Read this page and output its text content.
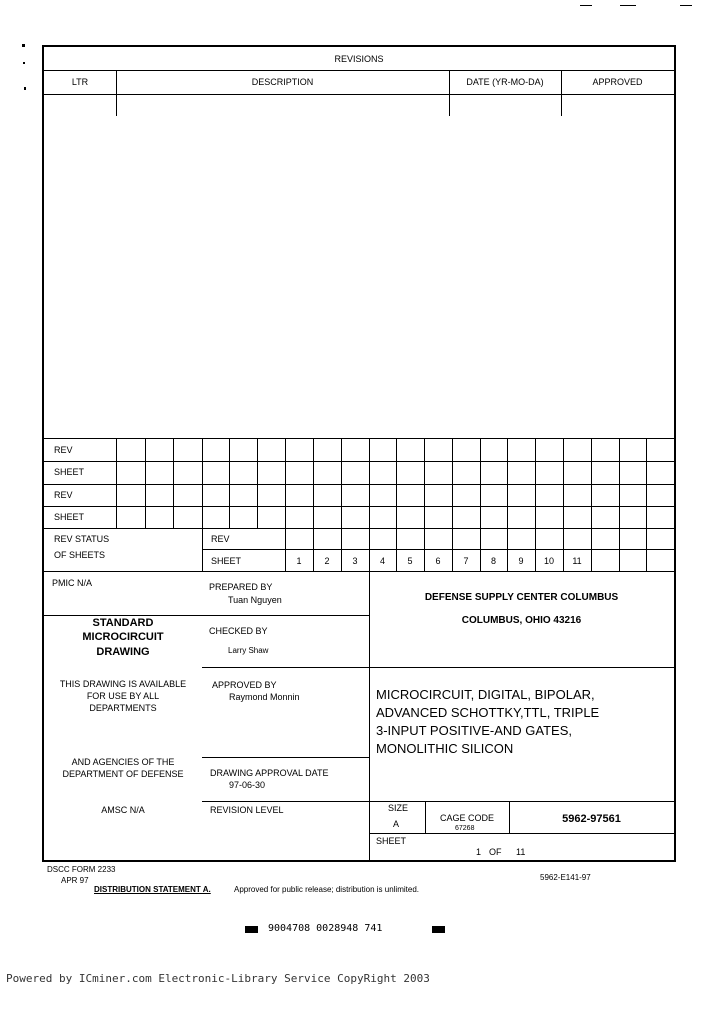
REVISIONS
LTR	DESCRIPTION	DATE (YR-MO-DA)	APPROVED
REV
SHEET
REV
SHEET
REV STATUS
OF SHEETS
REV
SHEET	1	2	3	4	5	6	7	8	9	10	11
PMIC N/A
STANDARD
MICROCIRCUIT
DRAWING
THIS DRAWING IS AVAILABLE
FOR USE BY ALL
DEPARTMENTS
AND AGENCIES OF THE
DEPARTMENT OF DEFENSE
AMSC N/A
PREPARED BY
Tuan Nguyen
CHECKED BY
Larry Shaw
APPROVED BY
Raymond Monnin
DRAWING APPROVAL DATE
97-06-30
REVISION LEVEL
DEFENSE SUPPLY CENTER COLUMBUS
COLUMBUS, OHIO 43216
MICROCIRCUIT, DIGITAL, BIPOLAR,
ADVANCED SCHOTTKY,TTL, TRIPLE
3-INPUT POSITIVE-AND GATES,
MONOLITHIC SILICON
SIZE
A
CAGE CODE
67268
5962-97561
SHEET
1 OF 11
DSCC FORM 2233
APR 97	5962-E141-97
DISTRIBUTION STATEMENT A.	Approved for public release; distribution is unlimited.
9004708 0028948 741
Powered by ICminer.com Electronic-Library Service CopyRight 2003
